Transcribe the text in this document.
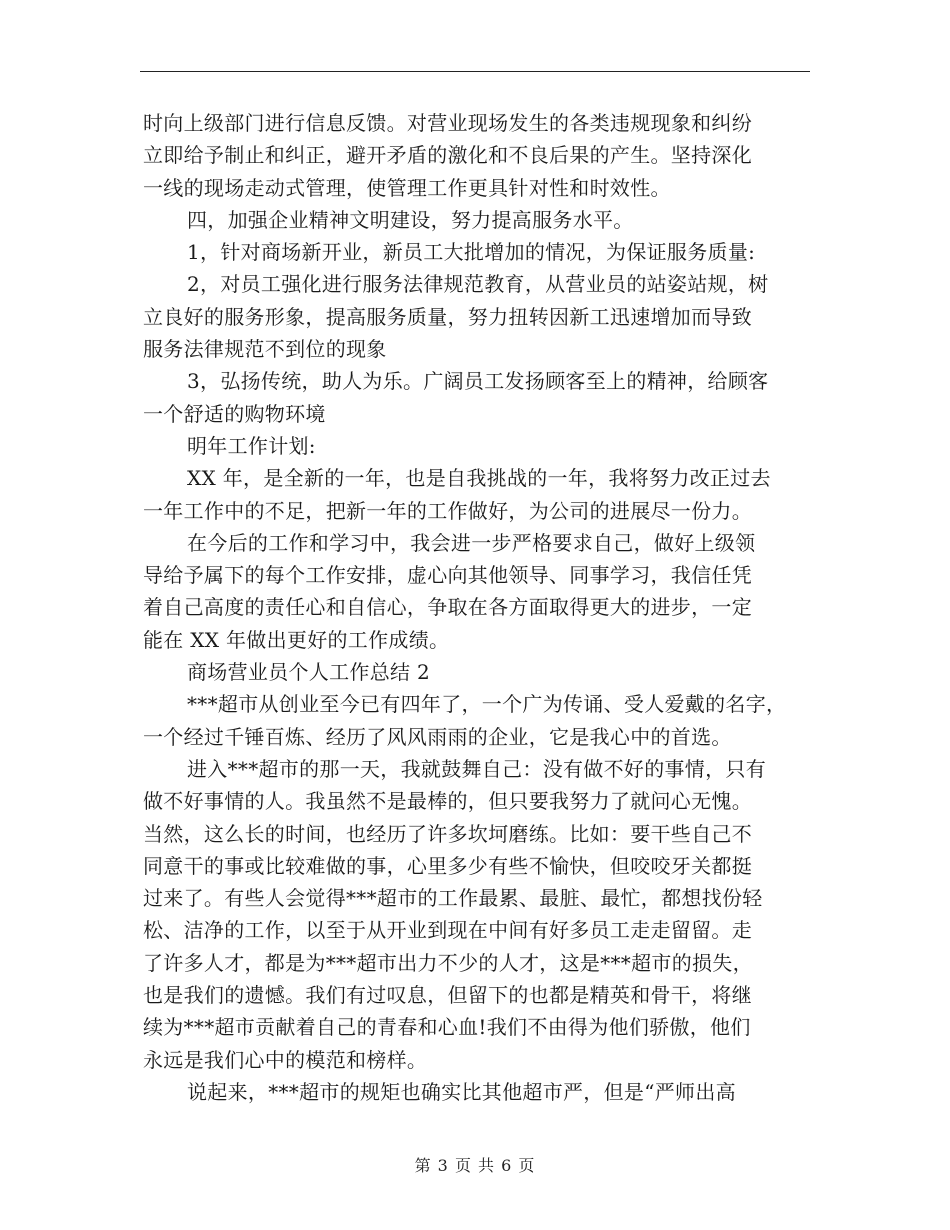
时向上级部门进行信息反馈。对营业现场发生的各类违规现象和纠纷
立即给予制止和纠正，避开矛盾的激化和不良后果的产生。坚持深化
一线的现场走动式管理，使管理工作更具针对性和时效性。
四，加强企业精神文明建设，努力提高服务水平。
1，针对商场新开业，新员工大批增加的情况，为保证服务质量:
2，对员工强化进行服务法律规范教育，从营业员的站姿站规，树
立良好的服务形象，提高服务质量，努力扭转因新工迅速增加而导致
服务法律规范不到位的现象
3，弘扬传统，助人为乐。广阔员工发扬顾客至上的精神，给顾客
一个舒适的购物环境
明年工作计划:
XX 年，是全新的一年，也是自我挑战的一年，我将努力改正过去
一年工作中的不足，把新一年的工作做好，为公司的进展尽一份力。
在今后的工作和学习中，我会进一步严格要求自己，做好上级领
导给予属下的每个工作安排，虚心向其他领导、同事学习，我信任凭
着自己高度的责任心和自信心，争取在各方面取得更大的进步，一定
能在 XX 年做出更好的工作成绩。
商场营业员个人工作总结 2
***超市从创业至今已有四年了，一个广为传诵、受人爱戴的名字，
一个经过千锤百炼、经历了风风雨雨的企业，它是我心中的首选。
进入***超市的那一天，我就鼓舞自己：没有做不好的事情，只有
做不好事情的人。我虽然不是最棒的，但只要我努力了就问心无愧。
当然，这么长的时间，也经历了许多坎坷磨练。比如：要干些自己不
同意干的事或比较难做的事，心里多少有些不愉快，但咬咬牙关都挺
过来了。有些人会觉得***超市的工作最累、最脏、最忙，都想找份轻
松、洁净的工作，以至于从开业到现在中间有好多员工走走留留。走
了许多人才，都是为***超市出力不少的人才，这是***超市的损失，
也是我们的遗憾。我们有过叹息，但留下的也都是精英和骨干，将继
续为***超市贡献着自己的青春和心血!我们不由得为他们骄傲，他们
永远是我们心中的模范和榜样。
说起来，***超市的规矩也确实比其他超市严，但是“严师出高
第 3 页 共 6 页
